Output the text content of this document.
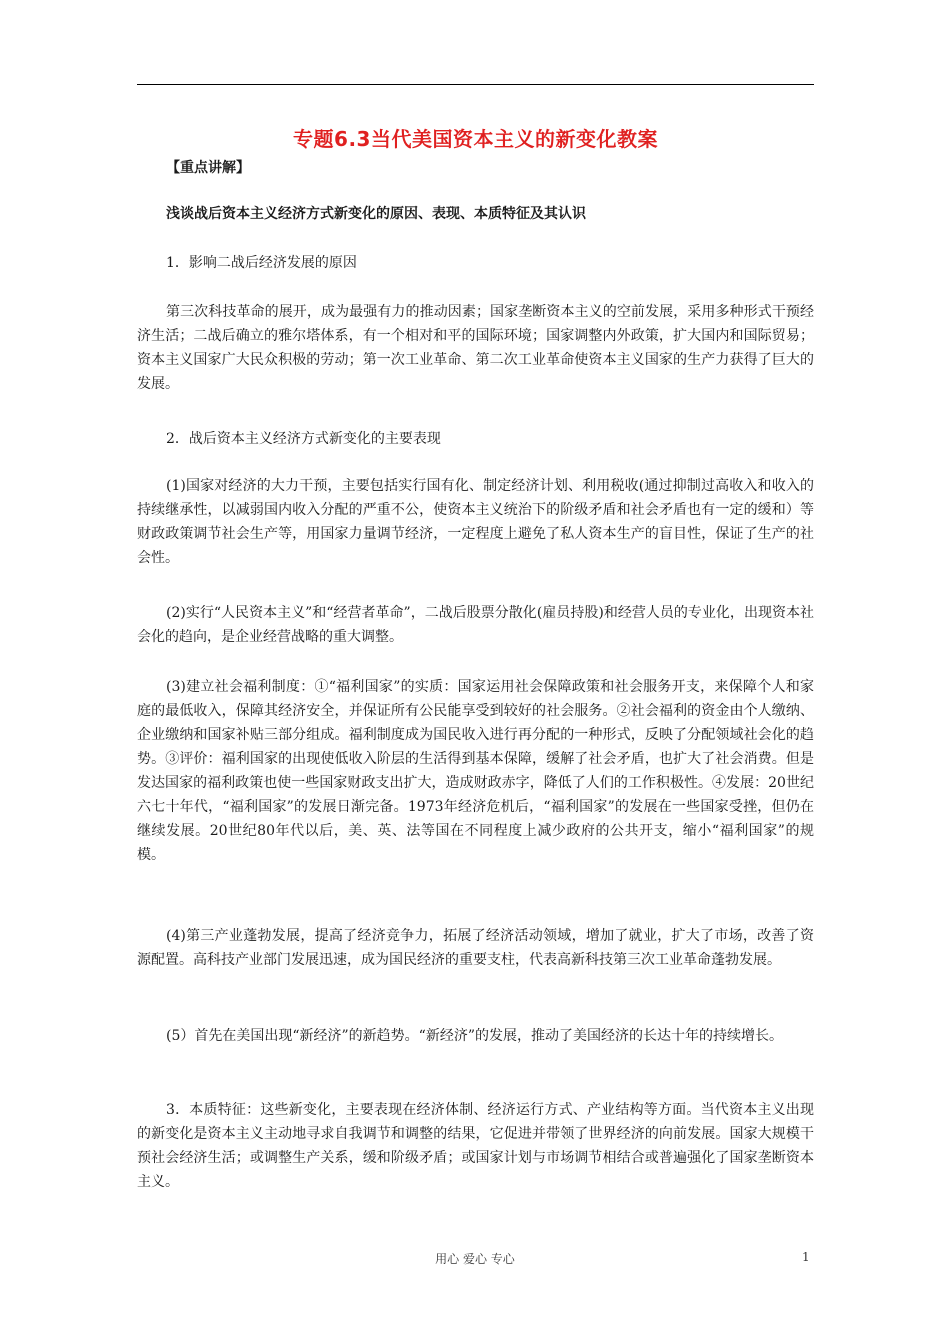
专题6.3当代美国资本主义的新变化教案
【重点讲解】
浅谈战后资本主义经济方式新变化的原因、表现、本质特征及其认识

1．影响二战后经济发展的原因

第三次科技革命的展开，成为最强有力的推动因素；国家垄断资本主义的空前发展，采用多种形式干预经济生活；二战后确立的雅尔塔体系，有一个相对和平的国际环境；国家调整内外政策，扩大国内和国际贸易；资本主义国家广大民众积极的劳动；第一次工业革命、第二次工业革命使资本主义国家的生产力获得了巨大的发展。

2．战后资本主义经济方式新变化的主要表现

(1)国家对经济的大力干预，主要包括实行国有化、制定经济计划、利用税收(通过抑制过高收入和收入的持续继承性，以减弱国内收入分配的严重不公，使资本主义统治下的阶级矛盾和社会矛盾也有一定的缓和）等财政政策调节社会生产等，用国家力量调节经济，一定程度上避免了私人资本生产的盲目性，保证了生产的社会性。

(2)实行“人民资本主义”和“经营者革命”，二战后股票分散化(雇员持股)和经营人员的专业化，出现资本社会化的趋向，是企业经营战略的重大调整。

(3)建立社会福利制度：①“福利国家”的实质：国家运用社会保障政策和社会服务开支，来保障个人和家庭的最低收入，保障其经济安全，并保证所有公民能享受到较好的社会服务。②社会福利的资金由个人缴纳、企业缴纳和国家补贴三部分组成。福利制度成为国民收入进行再分配的一种形式，反映了分配领域社会化的趋势。③评价：福利国家的出现使低收入阶层的生活得到基本保障，缓解了社会矛盾，也扩大了社会消费。但是发达国家的福利政策也使一些国家财政支出扩大，造成财政赤字，降低了人们的工作积极性。④发展：20世纪六七十年代，“福利国家”的发展日渐完备。1973年经济危机后，“福利国家”的发展在一些国家受挫，但仍在继续发展。20世纪80年代以后，美、英、法等国在不同程度上减少政府的公共开支，缩小“福利国家”的规模。

(4)第三产业蓬勃发展，提高了经济竞争力，拓展了经济活动领域，增加了就业，扩大了市场，改善了资源配置。高科技产业部门发展迅速，成为国民经济的重要支柱，代表高新科技第三次工业革命蓬勃发展。

(5）首先在美国出现“新经济”的新趋势。“新经济”的发展，推动了美国经济的长达十年的持续增长。

3．本质特征：这些新变化，主要表现在经济体制、经济运行方式、产业结构等方面。当代资本主义出现的新变化是资本主义主动地寻求自我调节和调整的结果，它促进并带领了世界经济的向前发展。国家大规模干预社会经济生活；或调整生产关系，缓和阶级矛盾；或国家计划与市场调节相结合或普遍强化了国家垄断资本主义。

用心 爱心 专心	1
